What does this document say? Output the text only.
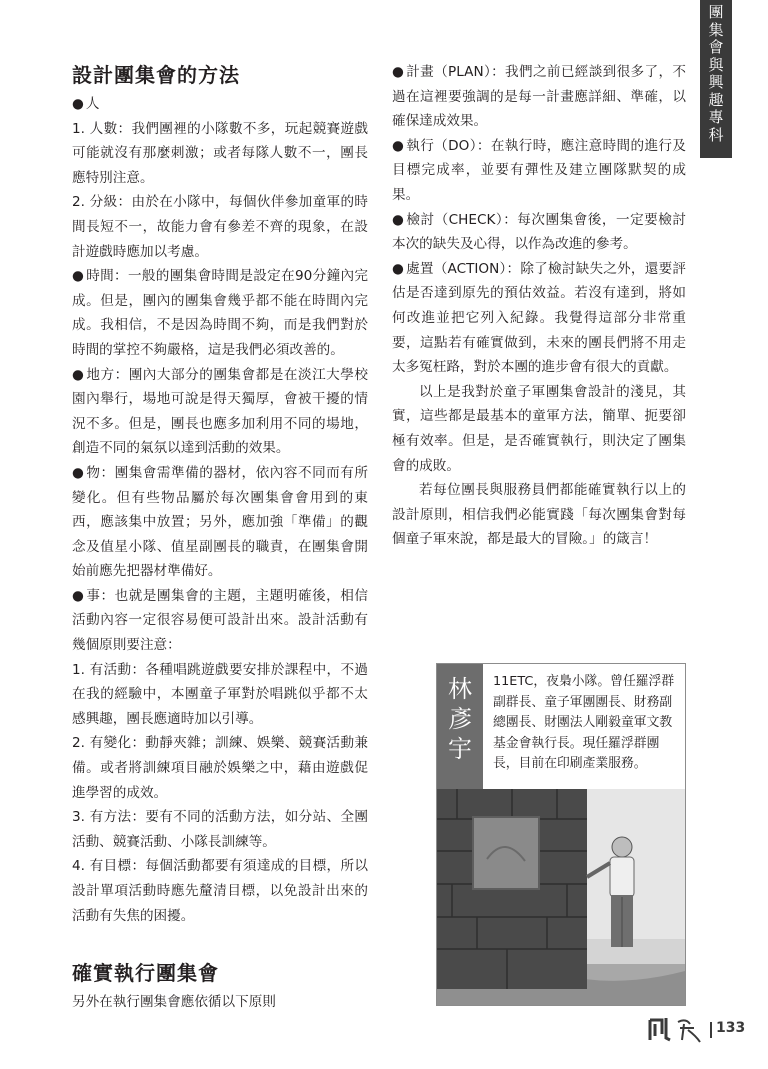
團
集
會
與
興
趣
專
科
設計團集會的方法

● 人

1. 人數：我們團裡的小隊數不多，玩起競賽遊戲可能就沒有那麼刺激；或者每隊人數不一，團長應特別注意。

2. 分級：由於在小隊中，每個伙伴參加童軍的時間長短不一，故能力會有參差不齊的現象，在設計遊戲時應加以考慮。

● 時間：一般的團集會時間是設定在90分鐘內完成。但是，團內的團集會幾乎都不能在時間內完成。我相信，不是因為時間不夠，而是我們對於時間的掌控不夠嚴格，這是我們必須改善的。

● 地方：團內大部分的團集會都是在淡江大學校園內舉行，場地可說是得天獨厚，會被干擾的情況不多。但是，團長也應多加利用不同的場地，創造不同的氣氛以達到活動的效果。

● 物：團集會需準備的器材，依內容不同而有所變化。但有些物品屬於每次團集會會用到的東西，應該集中放置；另外，應加強「準備」的觀念及值星小隊、值星副團長的職責，在團集會開始前應先把器材準備好。

● 事：也就是團集會的主題，主題明確後，相信活動內容一定很容易便可設計出來。設計活動有幾個原則要注意：

1. 有活動：各種唱跳遊戲要安排於課程中，不過在我的經驗中，本團童子軍對於唱跳似乎都不太感興趣，團長應適時加以引導。

2. 有變化：動靜夾雜；訓練、娛樂、競賽活動兼備。或者將訓練項目融於娛樂之中，藉由遊戲促進學習的成效。

3. 有方法：要有不同的活動方法，如分站、全團活動、競賽活動、小隊長訓練等。

4. 有目標：每個活動都要有須達成的目標，所以設計單項活動時應先釐清目標，以免設計出來的活動有失焦的困擾。

確實執行團集會

另外在執行團集會應依循以下原則

● 計畫（PLAN）：我們之前已經談到很多了，不過在這裡要強調的是每一計畫應詳細、準確，以確保達成效果。

● 執行（DO）：在執行時，應注意時間的進行及目標完成率，並要有彈性及建立團隊默契的成果。

● 檢討（CHECK）：每次團集會後，一定要檢討本次的缺失及心得，以作為改進的參考。

● 處置（ACTION）：除了檢討缺失之外，還要評估是否達到原先的預估效益。若沒有達到，將如何改進並把它列入紀錄。我覺得這部分非常重要，這點若有確實做到，未來的團長們將不用走太多冤枉路，對於本團的進步會有很大的貢獻。

以上是我對於童子軍團集會設計的淺見，其實，這些都是最基本的童軍方法，簡單、扼要卻極有效率。但是，是否確實執行，則決定了團集會的成敗。

若每位團長與服務員們都能確實執行以上的設計原則，相信我們必能實踐「每次團集會對每個童子軍來說，都是最大的冒險。」的箴言！

林
彥
宇
11ETC，夜梟小隊。曾任羅浮群副群長、童子軍團團長、財務副總團長、財團法人剛毅童軍文教基金會執行長。現任羅浮群團長，目前在印刷產業服務。
133
